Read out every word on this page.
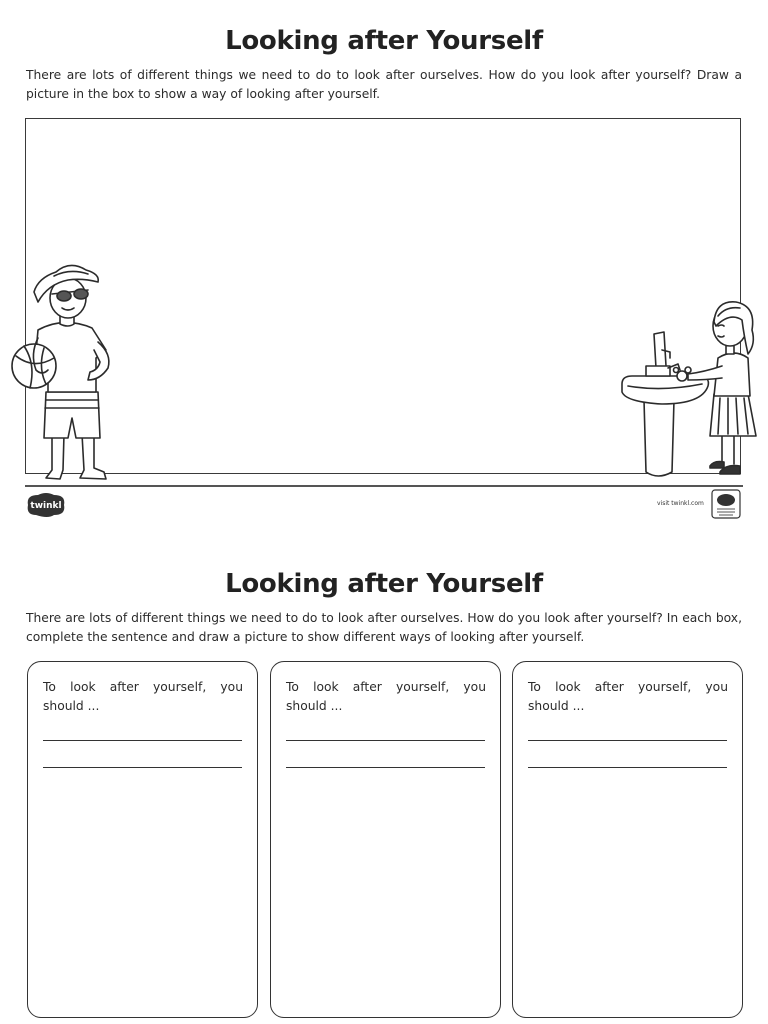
Looking after Yourself
There are lots of different things we need to do to look after ourselves. How do you look after yourself? Draw a picture in the box to show a way of looking after yourself.
twinkl	visit twinkl.com
Looking after Yourself
There are lots of different things we need to do to look after ourselves. How do you look after yourself? In each box, complete the sentence and draw a picture to show different ways of looking after yourself.
To look after yourself, you should ...
To look after yourself, you should ...
To look after yourself, you should ...
